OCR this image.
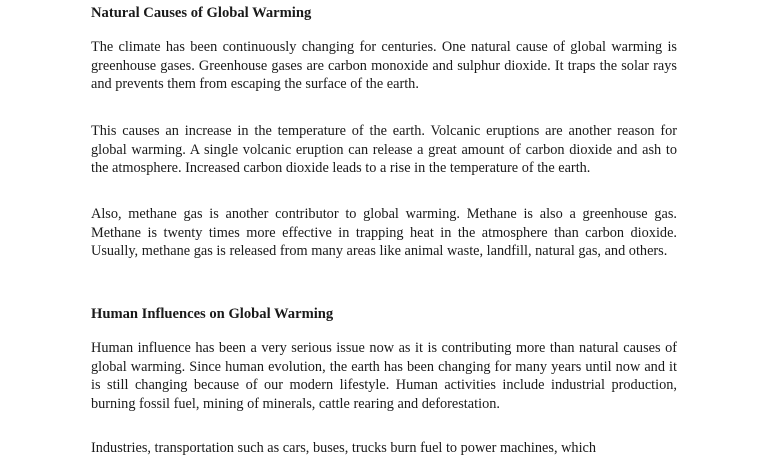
Natural Causes of Global Warming

The climate has been continuously changing for centuries. One natural cause of global warming is greenhouse gases. Greenhouse gases are carbon monoxide and sulphur dioxide. It traps the solar rays and prevents them from escaping the surface of the earth.

This causes an increase in the temperature of the earth. Volcanic eruptions are another reason for global warming. A single volcanic eruption can release a great amount of carbon dioxide and ash to the atmosphere. Increased carbon dioxide leads to a rise in the temperature of the earth.

Also, methane gas is another contributor to global warming. Methane is also a greenhouse gas. Methane is twenty times more effective in trapping heat in the atmosphere than carbon dioxide. Usually, methane gas is released from many areas like animal waste, landfill, natural gas, and others.

Human Influences on Global Warming

Human influence has been a very serious issue now as it is contributing more than natural causes of global warming. Since human evolution, the earth has been changing for many years until now and it is still changing because of our modern lifestyle. Human activities include industrial production, burning fossil fuel, mining of minerals, cattle rearing and deforestation.

Industries, transportation such as cars, buses, trucks burn fuel to power machines, which
